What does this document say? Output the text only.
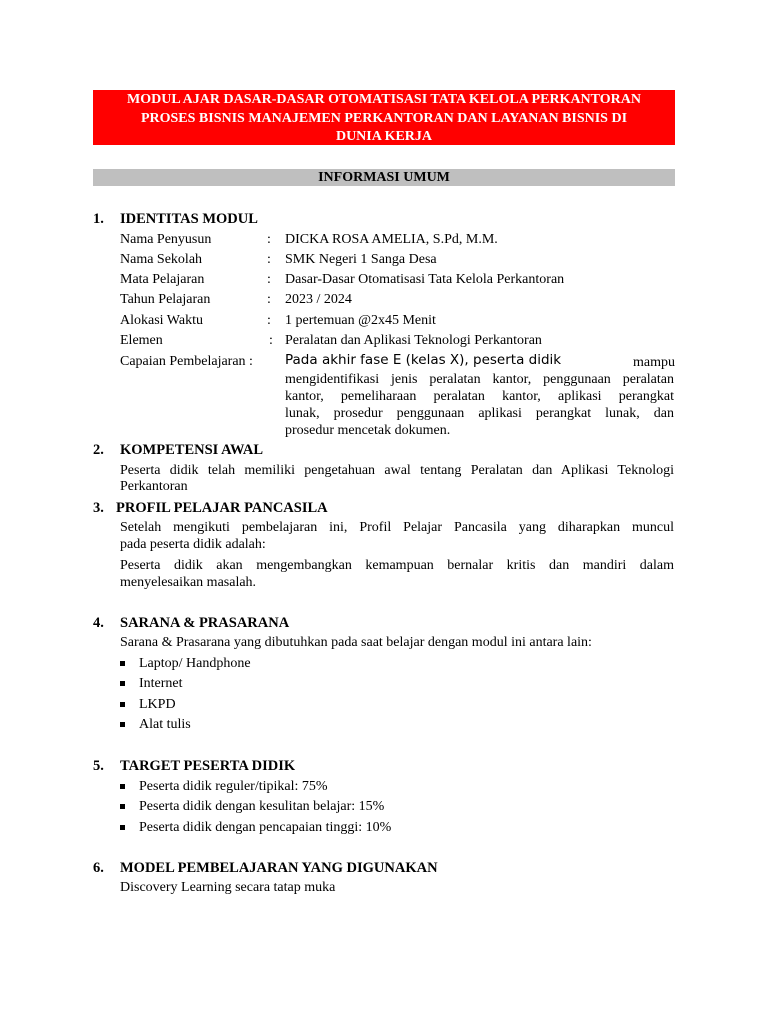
MODUL AJAR DASAR-DASAR OTOMATISASI TATA KELOLA PERKANTORAN
PROSES BISNIS MANAJEMEN PERKANTORAN DAN LAYANAN BISNIS DI
DUNIA KERJA
INFORMASI UMUM
1. IDENTITAS MODUL
Nama Penyusun	: DICKA ROSA AMELIA, S.Pd, M.M.
Nama Sekolah	: SMK Negeri 1 Sanga Desa
Mata Pelajaran	: Dasar-Dasar Otomatisasi Tata Kelola Perkantoran
Tahun Pelajaran	: 2023 / 2024
Alokasi Waktu	: 1 pertemuan @2x45 Menit
Elemen	: Peralatan dan Aplikasi Teknologi Perkantoran
Capaian Pembelajaran : Pada akhir fase E (kelas X), peserta didik	mampu
mengidentifikasi jenis peralatan kantor, penggunaan peralatan
kantor, pemeliharaan peralatan kantor, aplikasi perangkat
lunak, prosedur penggunaan aplikasi perangkat lunak, dan
prosedur mencetak dokumen.
2. KOMPETENSI AWAL
Peserta didik telah memiliki pengetahuan awal tentang Peralatan dan Aplikasi Teknologi
Perkantoran
3. PROFIL PELAJAR PANCASILA
Setelah mengikuti pembelajaran ini, Profil Pelajar Pancasila yang diharapkan muncul
pada peserta didik adalah:
Peserta didik akan mengembangkan kemampuan bernalar kritis dan mandiri dalam
menyelesaikan masalah.
4. SARANA & PRASARANA
Sarana & Prasarana yang dibutuhkan pada saat belajar dengan modul ini antara lain:
Laptop/ Handphone
Internet
LKPD
Alat tulis
5. TARGET PESERTA DIDIK
Peserta didik reguler/tipikal: 75%
Peserta didik dengan kesulitan belajar: 15%
Peserta didik dengan pencapaian tinggi: 10%
6. MODEL PEMBELAJARAN YANG DIGUNAKAN
Discovery Learning secara tatap muka
